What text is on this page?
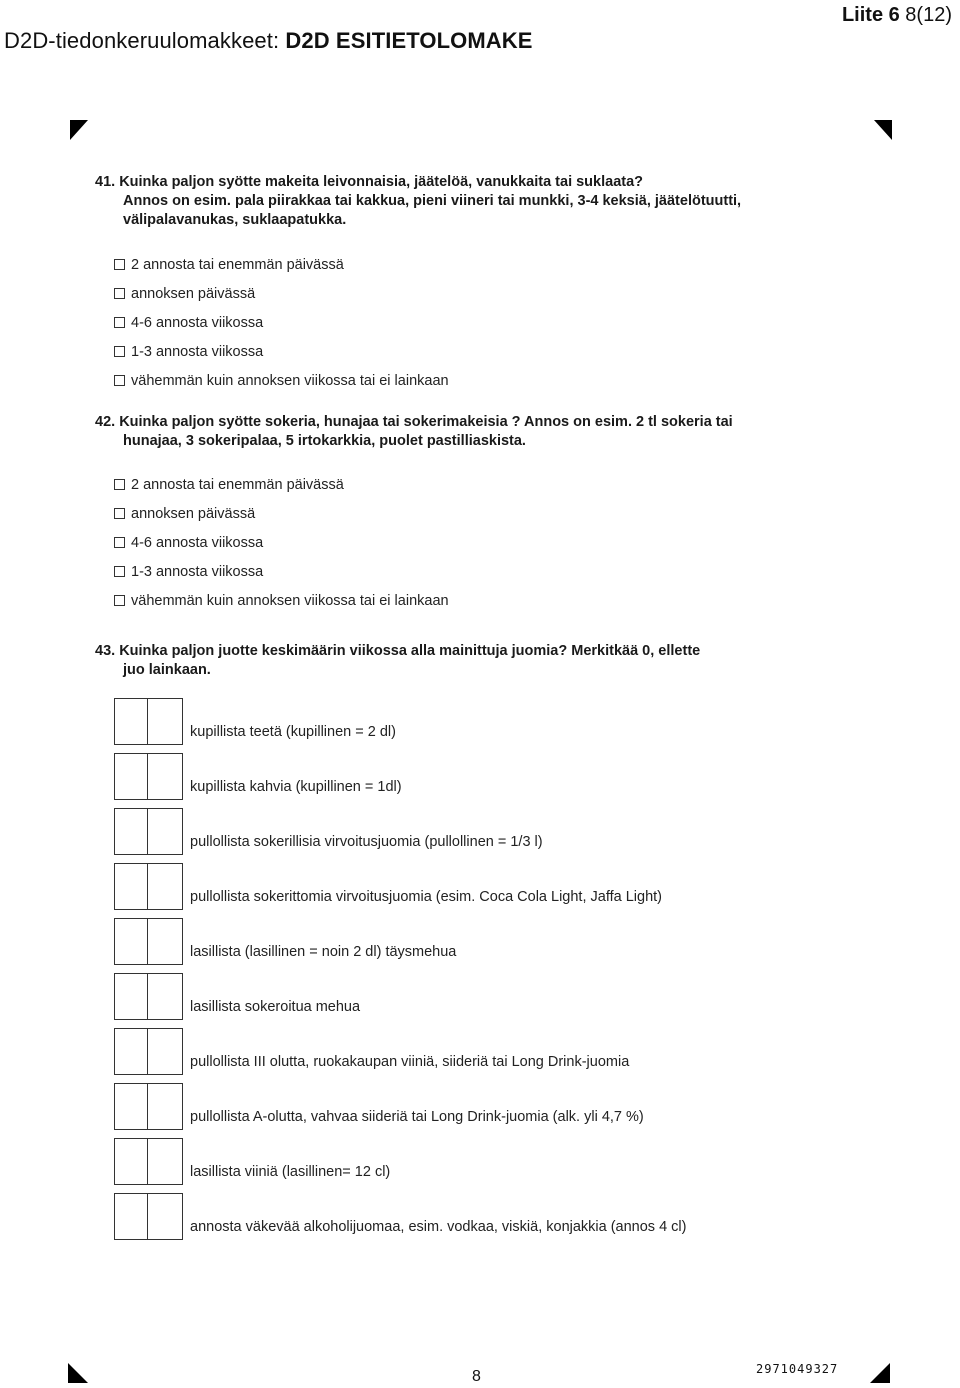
D2D-tiedonkeruulomakkeet: D2D ESITIETOLOMAKE
Liite 6 8(12)
41. Kuinka paljon syötte makeita leivonnaisia, jäätelöä, vanukkaita tai suklaata?
Annos on esim. pala piirakkaa tai kakkua, pieni viineri tai munkki, 3-4 keksiä, jäätelötuutti,
välipalavanukas, suklaapatukka.
2 annosta tai enemmän päivässä
annoksen päivässä
4-6 annosta viikossa
1-3 annosta viikossa
vähemmän kuin annoksen viikossa tai ei lainkaan
42. Kuinka paljon syötte sokeria, hunajaa tai sokerimakeisia ? Annos on esim. 2 tl sokeria tai
hunajaa, 3 sokeripalaa, 5 irtokarkkia, puolet pastilliaskista.
2 annosta tai enemmän päivässä
annoksen päivässä
4-6 annosta viikossa
1-3 annosta viikossa
vähemmän kuin annoksen viikossa tai ei lainkaan
43. Kuinka paljon juotte keskimäärin viikossa alla mainittuja juomia? Merkitkää 0, ellette
juo lainkaan.
kupillista teetä (kupillinen = 2 dl)
kupillista kahvia (kupillinen = 1dl)
pullollista sokerillisia virvoitusjuomia (pullollinen = 1/3 l)
pullollista sokerittomia virvoitusjuomia (esim. Coca Cola Light, Jaffa Light)
lasillista (lasillinen = noin 2 dl) täysmehua
lasillista sokeroitua mehua
pullollista III olutta, ruokakaupan viiniä, siideriä tai Long Drink-juomia
pullollista A-olutta, vahvaa siideriä tai Long Drink-juomia (alk. yli 4,7 %)
lasillista viiniä (lasillinen= 12 cl)
annosta väkevää alkoholijuomaa, esim. vodkaa, viskiä, konjakkia (annos 4 cl)
8	2971049327
